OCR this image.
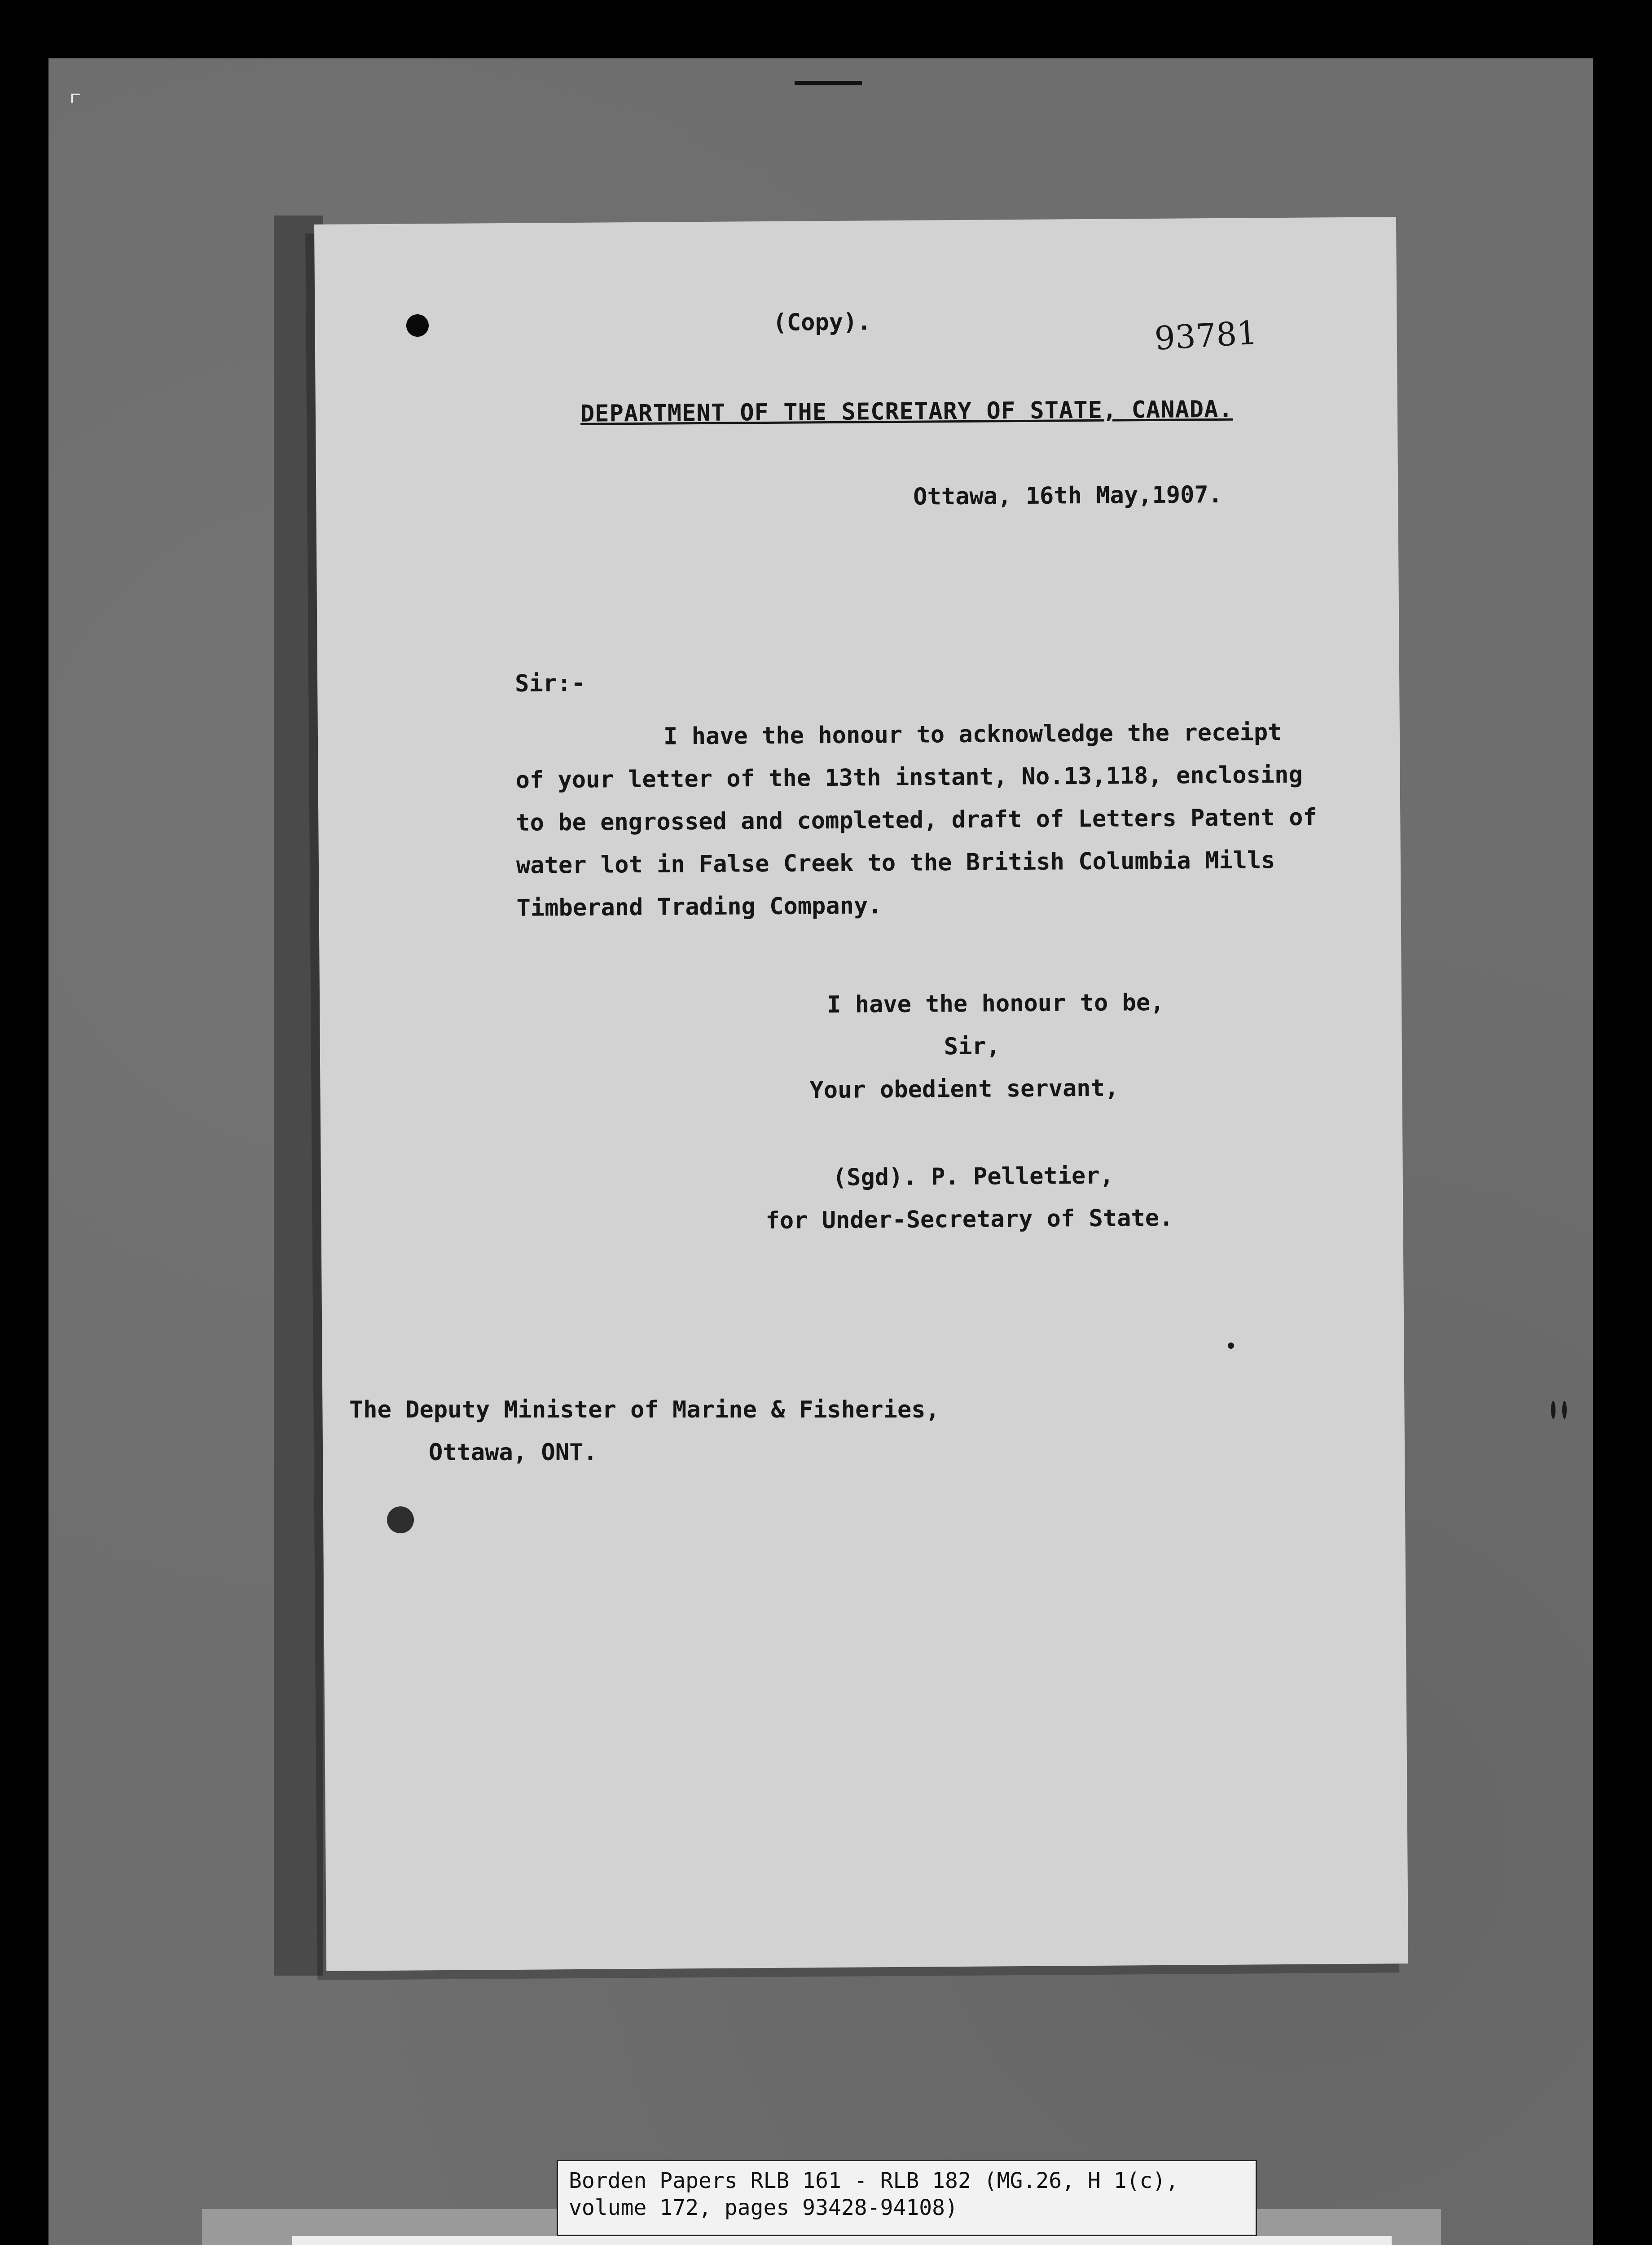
⌜
(Copy).	93781
DEPARTMENT OF THE SECRETARY OF STATE, CANADA.
Ottawa, 16th May,1907.
Sir:-
I have the honour to acknowledge the receipt
of your letter of the 13th instant, No.13,118, enclosing
to be engrossed and completed, draft of Letters Patent of
water lot in False Creek to the British Columbia Mills
Timberand Trading Company.
I have the honour to be,
Sir,
Your obedient servant,
(Sgd). P. Pelletier,
for Under-Secretary of State.
The Deputy Minister of Marine & Fisheries,
Ottawa, ONT.
Borden Papers RLB 161 - RLB 182 (MG.26, H 1(c),
volume 172, pages 93428-94108)
